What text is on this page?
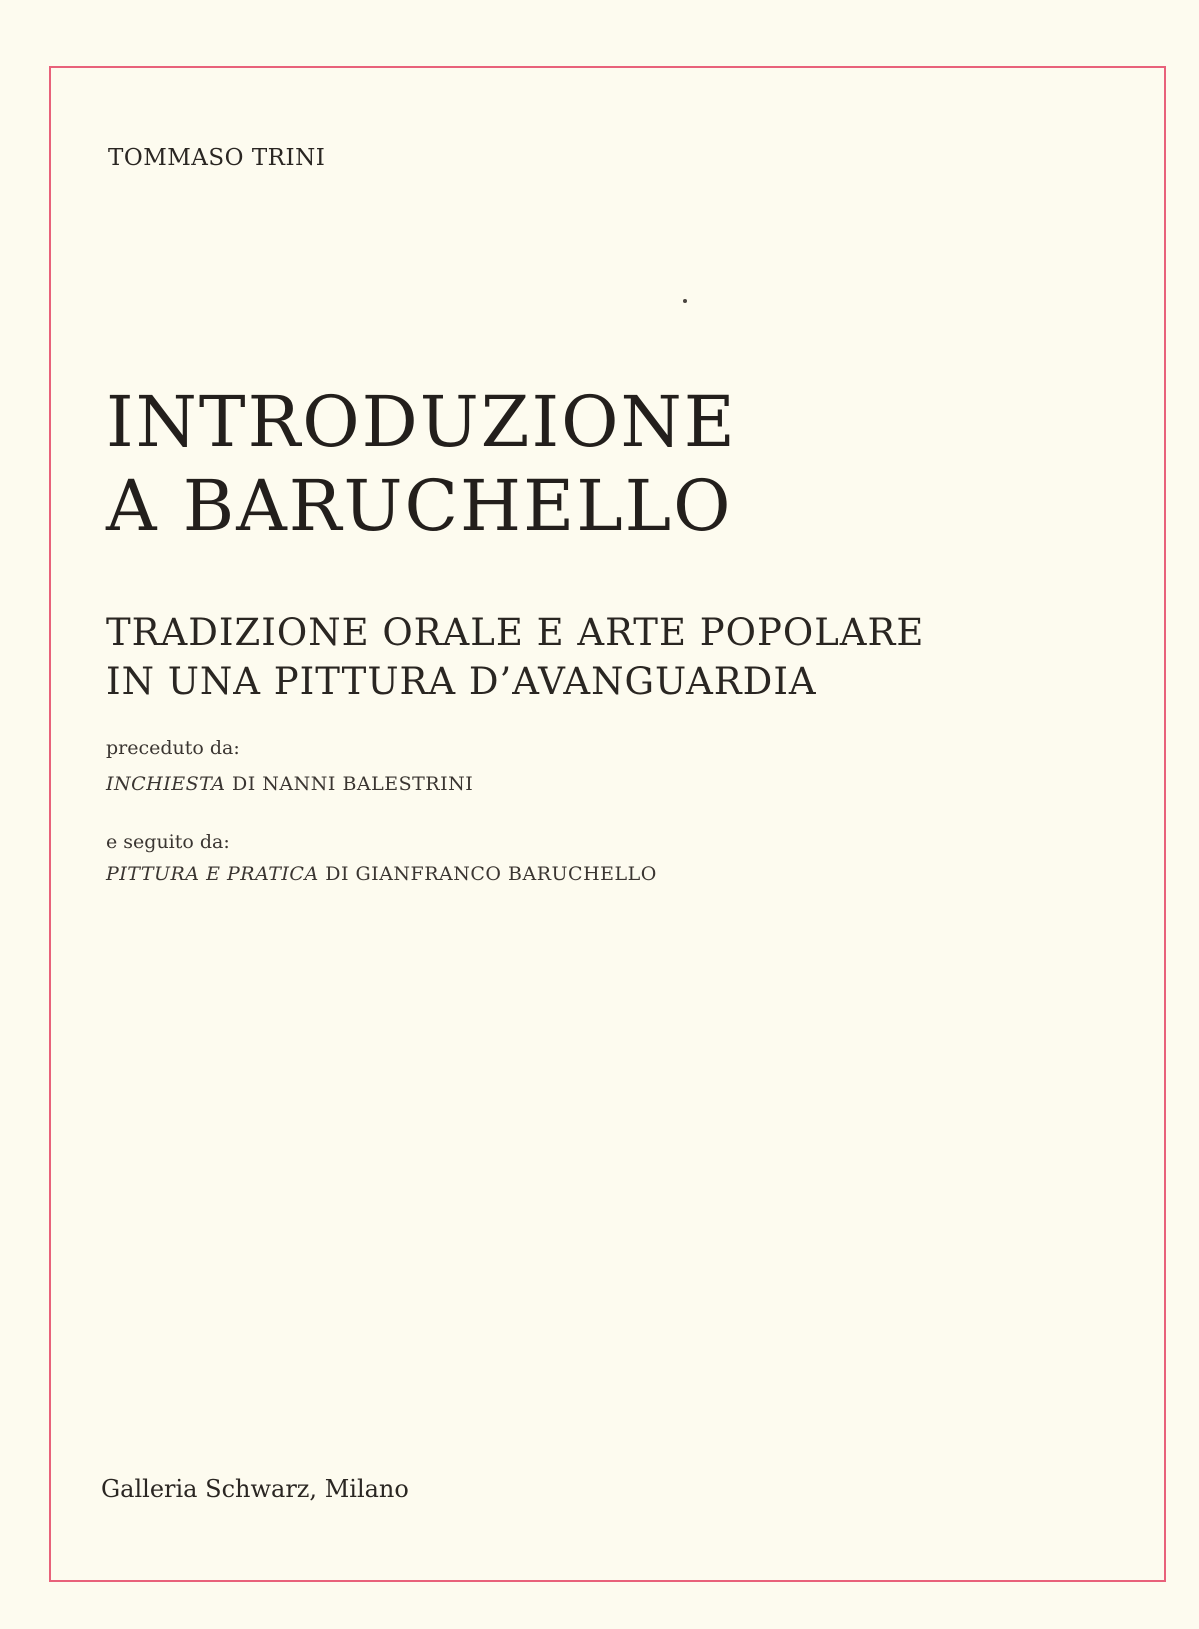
TOMMASO TRINI
INTRODUZIONE
A BARUCHELLO
TRADIZIONE ORALE E ARTE POPOLARE
IN UNA PITTURA D’AVANGUARDIA
preceduto da:
INCHIESTA DI NANNI BALESTRINI
e seguito da:
PITTURA E PRATICA DI GIANFRANCO BARUCHELLO
Galleria Schwarz, Milano
